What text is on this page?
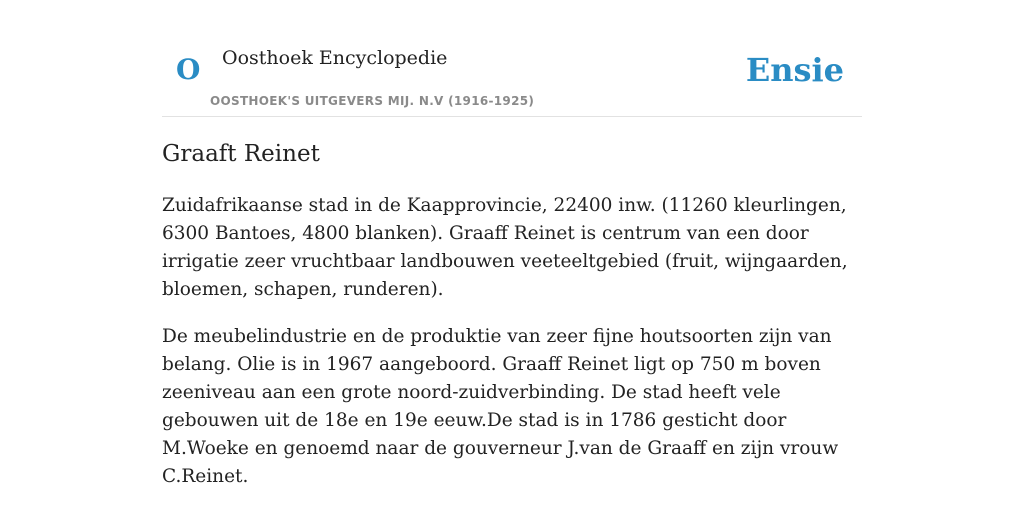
O Oosthoek Encyclopedie
OOSTHOEK'S UITGEVERS MIJ. N.V (1916-1925)
Ensie
Graaft Reinet

Zuidafrikaanse stad in de Kaapprovincie, 22400 inw. (11260 kleurlingen, 6300 Bantoes, 4800 blanken). Graaff Reinet is centrum van een door irrigatie zeer vruchtbaar landbouwen veeteeltgebied (fruit, wijngaarden, bloemen, schapen, runderen).

De meubelindustrie en de produktie van zeer fijne houtsoorten zijn van belang. Olie is in 1967 aangeboord. Graaff Reinet ligt op 750 m boven zeeniveau aan een grote noord-zuidverbinding. De stad heeft vele gebouwen uit de 18e en 19e eeuw.De stad is in 1786 gesticht door M.Woeke en genoemd naar de gouverneur J.van de Graaff en zijn vrouw C.Reinet.
